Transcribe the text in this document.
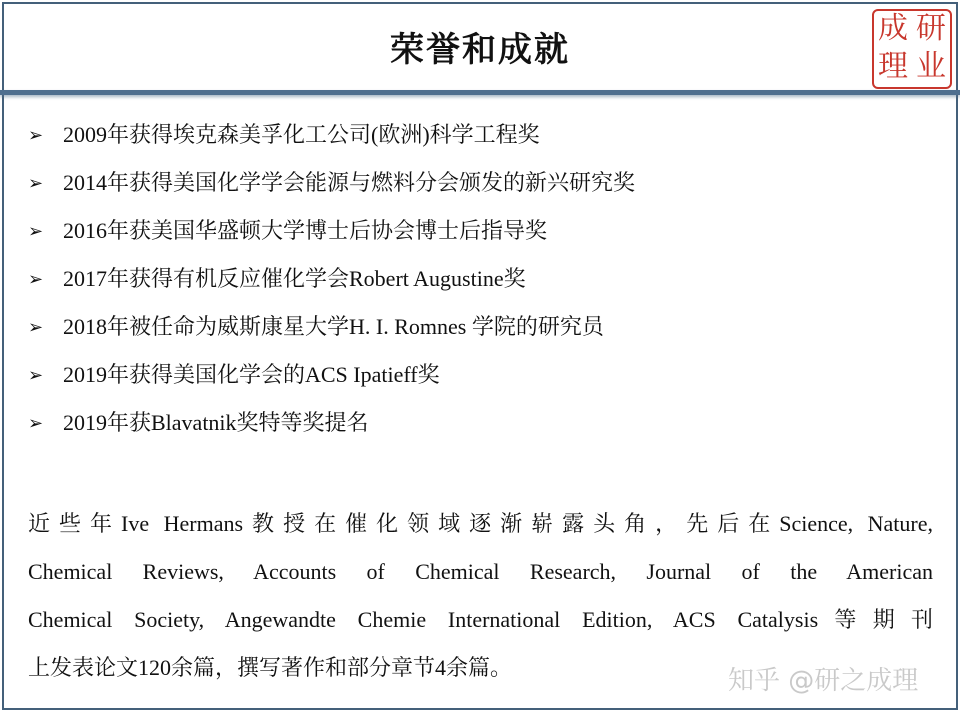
荣誉和成就
成 研
理 业
➢ 2009年获得埃克森美孚化工公司(欧洲)科学工程奖
➢ 2014年获得美国化学学会能源与燃料分会颁发的新兴研究奖
➢ 2016年获美国华盛顿大学博士后协会博士后指导奖
➢ 2017年获得有机反应催化学会Robert Augustine奖
➢ 2018年被任命为威斯康星大学H. I. Romnes 学院的研究员
➢ 2019年获得美国化学会的ACS Ipatieff奖
➢ 2019年获Blavatnik奖特等奖提名
近些年Ive Hermans教授在催化领域逐渐崭露头角，先后在Science, Nature,
Chemical Reviews, Accounts of Chemical Research, Journal of the American
Chemical Society, Angewandte Chemie International Edition, ACS Catalysis等期刊
上发表论文120余篇，撰写著作和部分章节4余篇。	知乎 @研之成理
